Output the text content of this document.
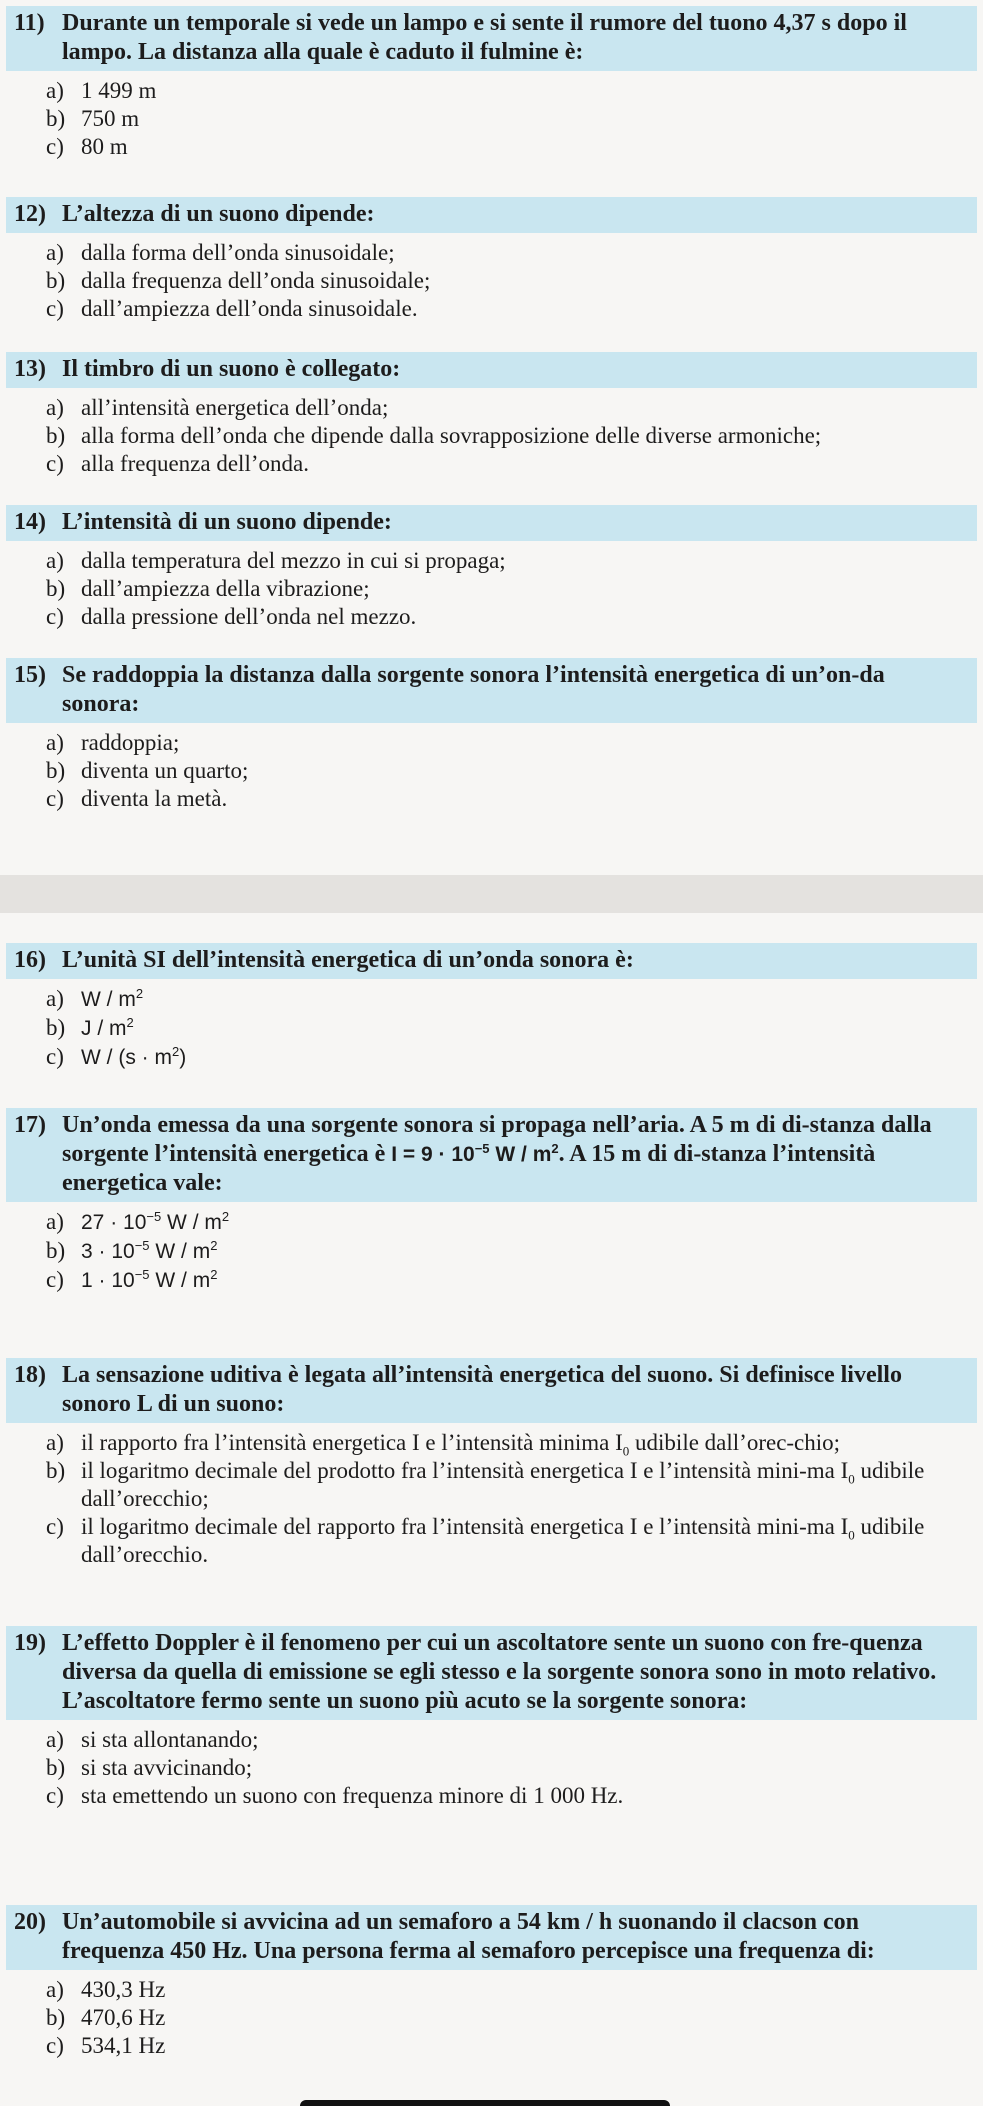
11) Durante un temporale si vede un lampo e si sente il rumore del tuono 4,37 s dopo il lampo. La distanza alla quale è caduto il fulmine è:
a) 1 499 m
b) 750 m
c) 80 m
12) L’altezza di un suono dipende:
a) dalla forma dell’onda sinusoidale;
b) dalla frequenza dell’onda sinusoidale;
c) dall’ampiezza dell’onda sinusoidale.
13) Il timbro di un suono è collegato:
a) all’intensità energetica dell’onda;
b) alla forma dell’onda che dipende dalla sovrapposizione delle diverse armoniche;
c) alla frequenza dell’onda.
14) L’intensità di un suono dipende:
a) dalla temperatura del mezzo in cui si propaga;
b) dall’ampiezza della vibrazione;
c) dalla pressione dell’onda nel mezzo.
15) Se raddoppia la distanza dalla sorgente sonora l’intensità energetica di un’on-da sonora:
a) raddoppia;
b) diventa un quarto;
c) diventa la metà.
16) L’unità SI dell’intensità energetica di un’onda sonora è:
a) W / $m^2$
b) J / $m^2$
c) $W / (s \cdot m^2)$
17) Un’onda emessa da una sorgente sonora si propaga nell’aria. A 5 m di di-stanza dalla sorgente l’intensità energetica è $I = 9 \cdot 10^{-5}$ W / $m^2$. A 15 m di di-stanza l’intensità energetica vale:
a) $27 \cdot 10^{-5}$ W / $m^2$
b) $3 \cdot 10^{-5}$ W / $m^2$
c) $1 \cdot 10^{-5}$ W / $m^2$
18) La sensazione uditiva è legata all’intensità energetica del suono. Si definisce livello sonoro L di un suono:
a) il rapporto fra l’intensità energetica I e l’intensità minima $I_0$ udibile dall’orec-chio;
b) il logaritmo decimale del prodotto fra l’intensità energetica I e l’intensità mini-ma $I_0$ udibile dall’orecchio;
c) il logaritmo decimale del rapporto fra l’intensità energetica I e l’intensità mini-ma $I_0$ udibile dall’orecchio.
19) L’effetto Doppler è il fenomeno per cui un ascoltatore sente un suono con fre-quenza diversa da quella di emissione se egli stesso e la sorgente sonora sono in moto relativo.
L’ascoltatore fermo sente un suono più acuto se la sorgente sonora:
a) si sta allontanando;
b) si sta avvicinando;
c) sta emettendo un suono con frequenza minore di 1 000 Hz.
20) Un’automobile si avvicina ad un semaforo a 54 km / h suonando il clacson con frequenza 450 Hz. Una persona ferma al semaforo percepisce una frequenza di:
a) 430,3 Hz
b) 470,6 Hz
c) 534,1 Hz
